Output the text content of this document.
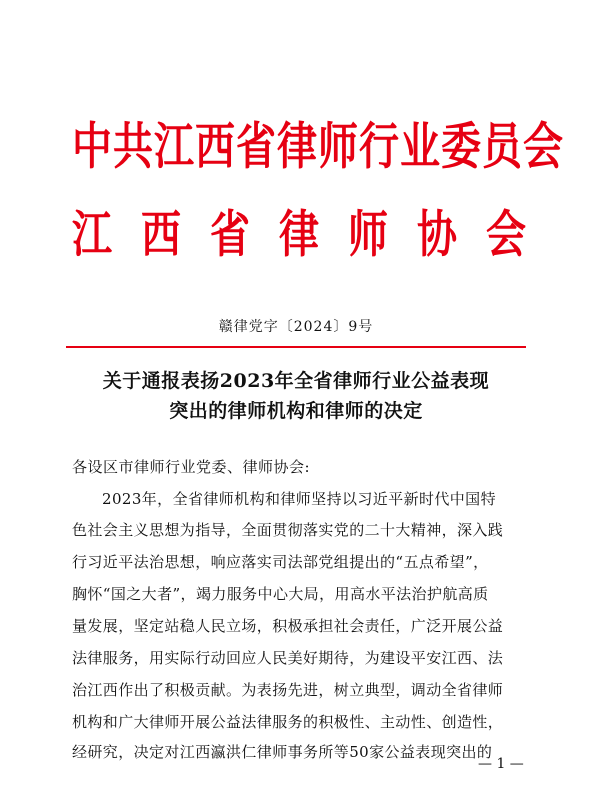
中共江西省律师行业委员会
江西省律师协会
赣律党字〔2024〕9号
关于通报表扬2023年全省律师行业公益表现
突出的律师机构和律师的决定
各设区市律师行业党委、律师协会:
2023年，全省律师机构和律师坚持以习近平新时代中国特
色社会主义思想为指导，全面贯彻落实党的二十大精神，深入践
行习近平法治思想，响应落实司法部党组提出的“五点希望”，
胸怀“国之大者”，竭力服务中心大局，用高水平法治护航高质
量发展，坚定站稳人民立场，积极承担社会责任，广泛开展公益
法律服务，用实际行动回应人民美好期待，为建设平安江西、法
治江西作出了积极贡献。为表扬先进，树立典型，调动全省律师
机构和广大律师开展公益法律服务的积极性、主动性、创造性，
经研究，决定对江西瀛洪仁律师事务所等50家公益表现突出的
— 1 —
